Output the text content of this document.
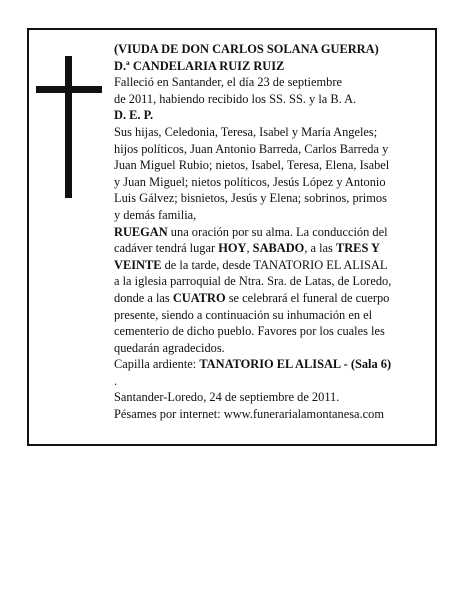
(VIUDA DE DON CARLOS SOLANA GUERRA)
D.ª CANDELARIA RUIZ RUIZ
Falleció en Santander, el día 23 de septiembre
de 2011, habiendo recibido los SS. SS. y la B. A.
D. E. P.
Sus hijas, Celedonia, Teresa, Isabel y María Angeles;
hijos políticos, Juan Antonio Barreda, Carlos Barreda y
Juan Miguel Rubio; nietos, Isabel, Teresa, Elena, Isabel
y Juan Miguel; nietos políticos, Jesús López y Antonio
Luis Gálvez; bisnietos, Jesús y Elena; sobrinos, primos
y demás familia,
RUEGAN una oración por su alma. La conducción del
cadáver tendrá lugar HOY, SABADO, a las TRES Y
VEINTE de la tarde, desde TANATORIO EL ALISAL
a la iglesia parroquial de Ntra. Sra. de Latas, de Loredo,
donde a las CUATRO se celebrará el funeral de cuerpo
presente, siendo a continuación su inhumación en el
cementerio de dicho pueblo. Favores por los cuales les
quedarán agradecidos.
Capilla ardiente: TANATORIO EL ALISAL - (Sala 6)
.
Santander-Loredo, 24 de septiembre de 2011.
Pésames por internet: www.funerarialamontanesa.com
